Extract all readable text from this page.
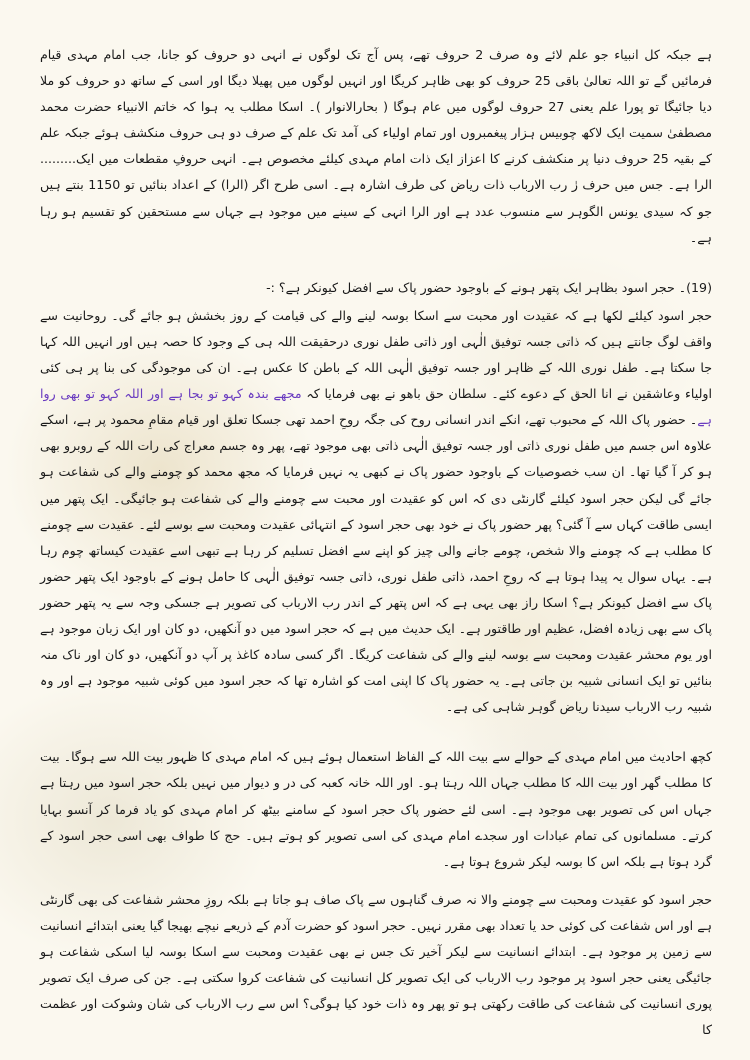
ہے جبکہ کل انبیاء جو علم لائے وہ صرف 2 حروف تھے، پس آج تک لوگوں نے انہی دو حروف کو جانا، جب امام مہدی قیام فرمائیں گے تو اللہ تعالیٰ باقی 25 حروف کو بھی ظاہر کریگا اور انہیں لوگوں میں پھیلا دیگا اور اسی کے ساتھ دو حروف کو ملا دیا جائیگا تو پورا علم یعنی 27 حروف لوگوں میں عام ہوگا ( بحارالانوار )۔ اسکا مطلب یہ ہوا کہ خاتم الانبیاء حضرت محمد مصطفیٰ سمیت ایک لاکھ چوبیس ہزار پیغمبروں اور تمام اولیاء کی آمد تک علم کے صرف دو ہی حروف منکشف ہوئے جبکہ علم کے بقیہ 25 حروف دنیا پر منکشف کرنے کا اعزاز ایک ذات امام مہدی کیلئے مخصوص ہے۔ انہی حروفِ مقطعات میں ایک......... الرا ہے۔ جس میں حرف رٰ رب الارباب ذات ریاض کی طرف اشارہ ہے۔ اسی طرح اگر (الرا) کے اعداد بنائیں تو 1150 بنتے ہیں جو کہ سیدی یونس الگوہر سے منسوب عدد ہے اور الرا انہی کے سینے میں موجود ہے جہاں سے مستحقین کو تقسیم ہو رہا ہے۔

(19)۔ حجر اسود بظاہر ایک پتھر ہونے کے باوجود حضور پاک سے افضل کیونکر ہے؟ :-

حجر اسود کیلئے لکھا ہے کہ عقیدت اور محبت سے اسکا بوسہ لینے والے کی قیامت کے روز بخشش ہو جائے گی۔ روحانیت سے واقف لوگ جانتے ہیں کہ ذاتی جسہ توفیق الٰہی اور ذاتی طفل نوری درحقیقت اللہ ہی کے وجود کا حصہ ہیں اور انہیں اللہ کہا جا سکتا ہے۔ طفل نوری اللہ کے ظاہر اور جسہ توفیق الٰہی اللہ کے باطن کا عکس ہے۔ ان کی موجودگی کی بنا پر ہی کئی اولیاء وعاشقین نے انا الحق کے دعوے کئے۔ سلطان حق باھو نے بھی فرمایا کہ مجھے بندہ کہو تو بجا ہے اور اللہ کہو تو بھی روا ہے۔ حضور پاک اللہ کے محبوب تھے، انکے اندر انسانی روح کی جگہ روحِ احمد تھی جسکا تعلق اور قیام مقامِ محمود پر ہے، اسکے علاوہ اس جسم میں طفل نوری ذاتی اور جسہ توفیق الٰہی ذاتی بھی موجود تھے، پھر وہ جسم معراج کی رات اللہ کے روبرو بھی ہو کر آ گیا تھا۔ ان سب خصوصیات کے باوجود حضور پاک نے کبھی یہ نہیں فرمایا کہ مجھ محمد کو چومنے والے کی شفاعت ہو جائے گی لیکن حجر اسود کیلئے گارنٹی دی کہ اس کو عقیدت اور محبت سے چومنے والے کی شفاعت ہو جائیگی۔ ایک پتھر میں ایسی طاقت کہاں سے آ گئی؟ پھر حضور پاک نے خود بھی حجر اسود کے انتہائی عقیدت ومحبت سے بوسے لئے۔ عقیدت سے چومنے کا مطلب ہے کہ چومنے والا شخص، چومے جانے والی چیز کو اپنے سے افضل تسلیم کر رہا ہے تبھی اسے عقیدت کیساتھ چوم رہا ہے۔ یہاں سوال یہ پیدا ہوتا ہے کہ روحِ احمد، ذاتی طفل نوری، ذاتی جسہ توفیق الٰہی کا حامل ہونے کے باوجود ایک پتھر حضور پاک سے افضل کیونکر ہے؟ اسکا راز بھی یہی ہے کہ اس پتھر کے اندر رب الارباب کی تصویر ہے جسکی وجہ سے یہ پتھر حضور پاک سے بھی زیادہ افضل، عظیم اور طاقتور ہے۔ ایک حدیث میں ہے کہ حجر اسود میں دو آنکھیں، دو کان اور ایک زبان موجود ہے اور یوم محشر عقیدت ومحبت سے بوسہ لینے والے کی شفاعت کریگا۔ اگر کسی سادہ کاغذ پر آپ دو آنکھیں، دو کان اور ناک منہ بنائیں تو ایک انسانی شبیہ بن جاتی ہے۔ یہ حضور پاک کا اپنی امت کو اشارہ تھا کہ حجر اسود میں کوئی شبیہ موجود ہے اور وہ شبیہ رب الارباب سیدنا ریاض گوہر شاہی کی ہے۔

کچھ احادیث میں امام مہدی کے حوالے سے بیت اللہ کے الفاظ استعمال ہوئے ہیں کہ امام مہدی کا ظہور بیت اللہ سے ہوگا۔ بیت کا مطلب گھر اور بیت اللہ کا مطلب جہاں اللہ رہتا ہو۔ اور اللہ خانہ کعبہ کی در و دیوار میں نہیں بلکہ حجر اسود میں رہتا ہے جہاں اس کی تصویر بھی موجود ہے۔ اسی لئے حضور پاک حجر اسود کے سامنے بیٹھ کر امام مہدی کو یاد فرما کر آنسو بہایا کرتے۔ مسلمانوں کی تمام عبادات اور سجدے امام مہدی کی اسی تصویر کو ہوتے ہیں۔ حج کا طواف بھی اسی حجر اسود کے گرد ہوتا ہے بلکہ اس کا بوسہ لیکر شروع ہوتا ہے۔

حجر اسود کو عقیدت ومحبت سے چومنے والا نہ صرف گناہوں سے پاک صاف ہو جاتا ہے بلکہ روزِ محشر شفاعت کی بھی گارنٹی ہے اور اس شفاعت کی کوئی حد یا تعداد بھی مقرر نہیں۔ حجر اسود کو حضرت آدم کے ذریعے نیچے بھیجا گیا یعنی ابتدائے انسانیت سے زمین پر موجود ہے۔ ابتدائے انسانیت سے لیکر آخیر تک جس نے بھی عقیدت ومحبت سے اسکا بوسہ لیا اسکی شفاعت ہو جائیگی یعنی حجر اسود پر موجود رب الارباب کی ایک تصویر کل انسانیت کی شفاعت کروا سکتی ہے۔ جن کی صرف ایک تصویر پوری انسانیت کی شفاعت کی طاقت رکھتی ہو تو پھر وہ ذات خود کیا ہوگی؟ اس سے رب الارباب کی شان وشوکت اور عظمت کا
